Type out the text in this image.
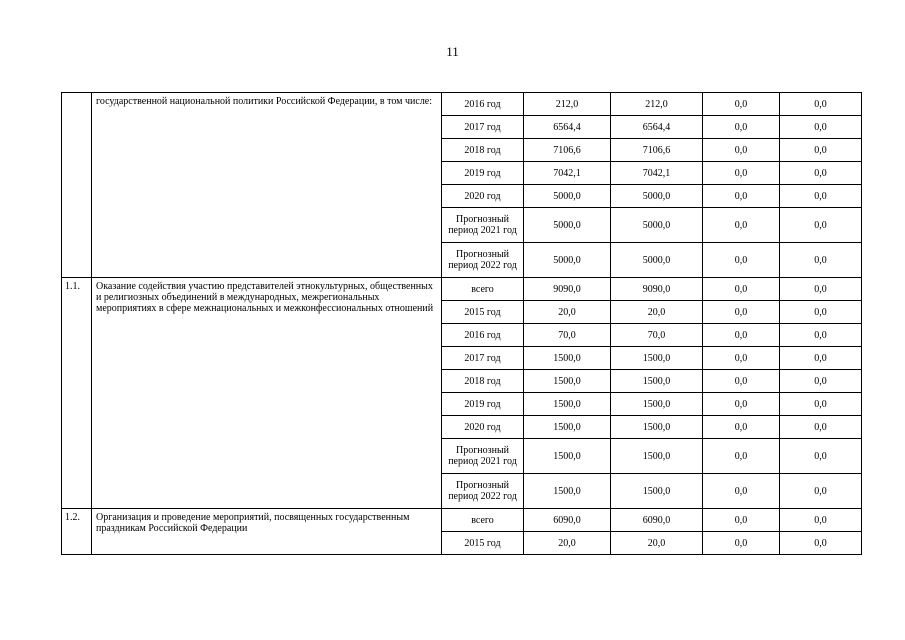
11
	государственной национальной политики Российской Федерации, в том числе:	2016 год	212,0	212,0	0,0	0,0
		2017 год	6564,4	6564,4	0,0	0,0
		2018 год	7106,6	7106,6	0,0	0,0
		2019 год	7042,1	7042,1	0,0	0,0
		2020 год	5000,0	5000,0	0,0	0,0
		Прогнозный период 2021 год	5000,0	5000,0	0,0	0,0
		Прогнозный период 2022 год	5000,0	5000,0	0,0	0,0
1.1.	Оказание содействия участию представителей этнокультурных, общественных и религиозных объединений в международных, межрегиональных мероприятиях в сфере межнациональных и межконфессиональных отношений	всего	9090,0	9090,0	0,0	0,0
		2015 год	20,0	20,0	0,0	0,0
		2016 год	70,0	70,0	0,0	0,0
		2017 год	1500,0	1500,0	0,0	0,0
		2018 год	1500,0	1500,0	0,0	0,0
		2019 год	1500,0	1500,0	0,0	0,0
		2020 год	1500,0	1500,0	0,0	0,0
		Прогнозный период 2021 год	1500,0	1500,0	0,0	0,0
		Прогнозный период 2022 год	1500,0	1500,0	0,0	0,0
1.2.	Организация и проведение мероприятий, посвященных государственным праздникам Российской Федерации	всего	6090,0	6090,0	0,0	0,0
		2015 год	20,0	20,0	0,0	0,0
